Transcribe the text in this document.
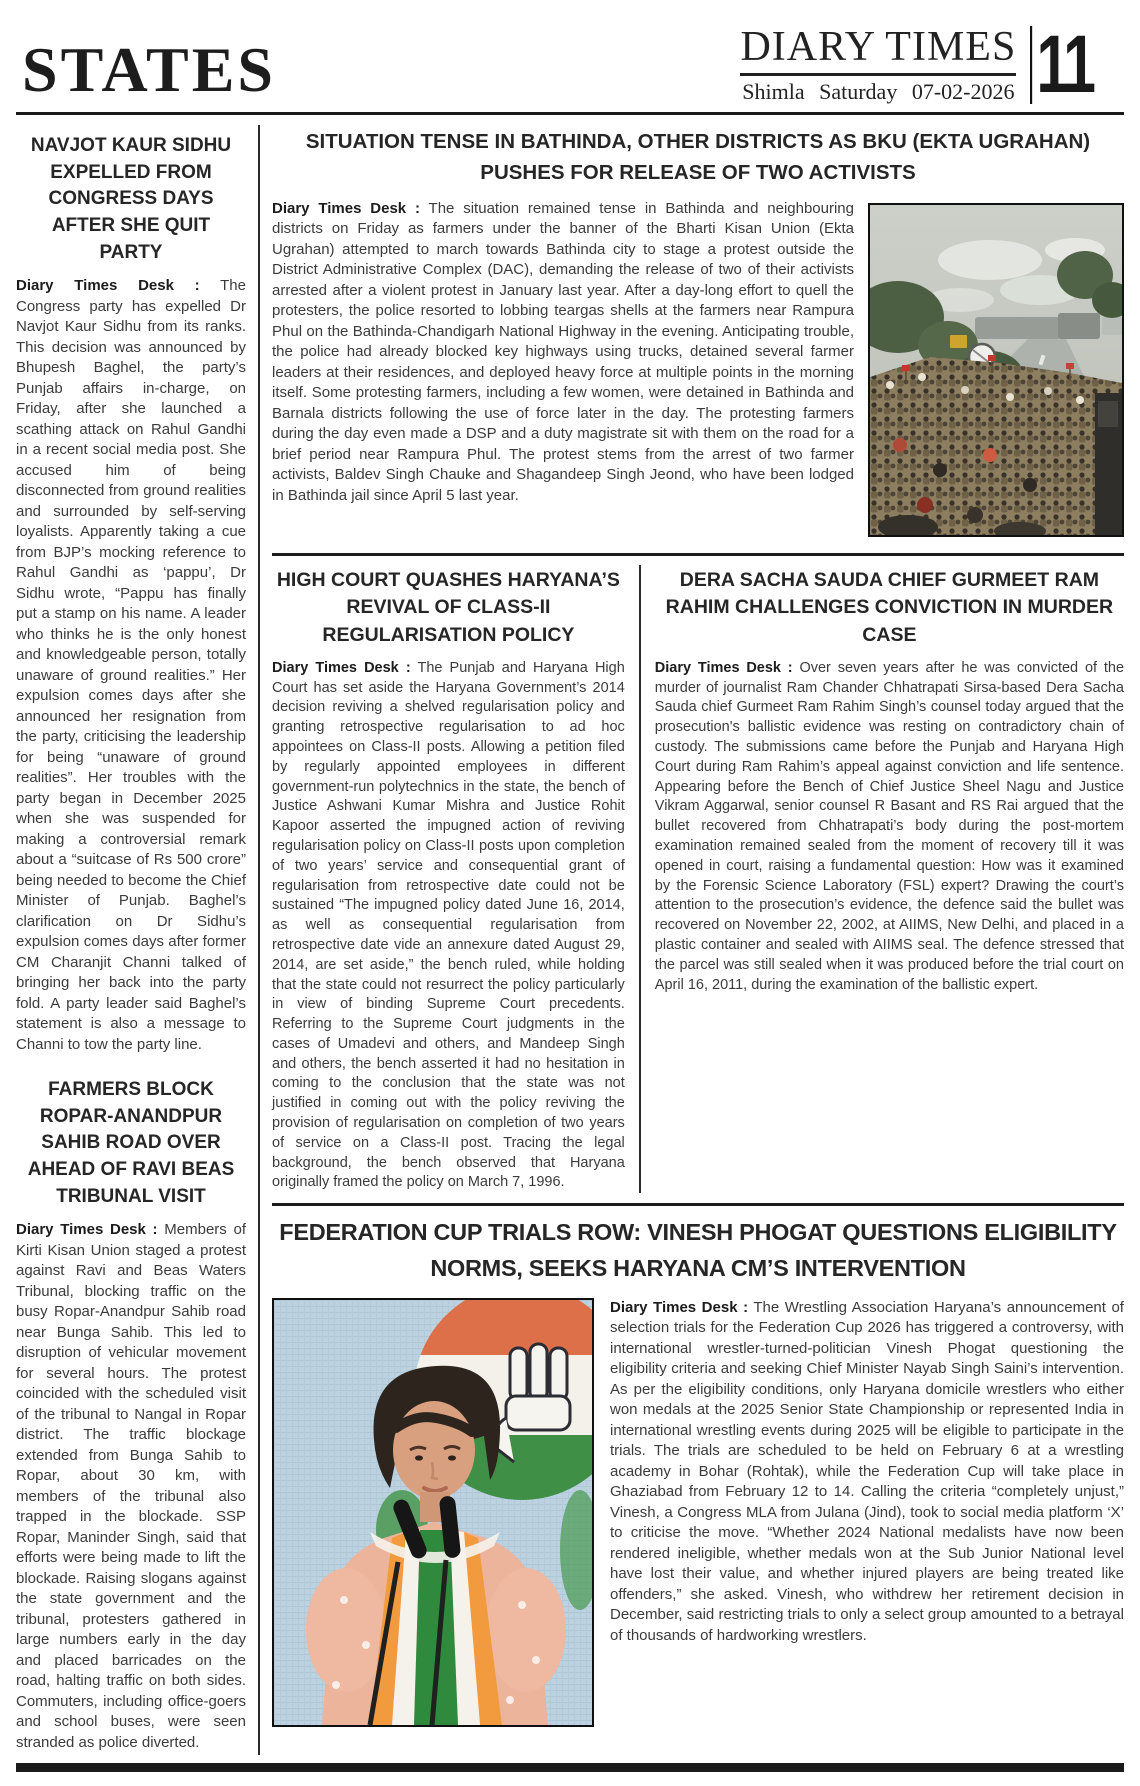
STATES	DIARY TIMES
Shimla Saturday 07-02-2026 11
NAVJOT KAUR SIDHU EXPELLED FROM CONGRESS DAYS AFTER SHE QUIT PARTY

Diary Times Desk : The Congress party has expelled Dr Navjot Kaur Sidhu from its ranks. This decision was announced by Bhupesh Baghel, the party’s Punjab affairs in-charge, on Friday, after she launched a scathing attack on Rahul Gandhi in a recent social media post. She accused him of being disconnected from ground realities and surrounded by self-serving loyalists. Apparently taking a cue from BJP’s mocking reference to Rahul Gandhi as ‘pappu’, Dr Sidhu wrote, “Pappu has finally put a stamp on his name. A leader who thinks he is the only honest and knowledgeable person, totally unaware of ground realities.” Her expulsion comes days after she announced her resignation from the party, criticising the leadership for being “unaware of ground realities”. Her troubles with the party began in December 2025 when she was suspended for making a controversial remark about a “suitcase of Rs 500 crore” being needed to become the Chief Minister of Punjab. Baghel’s clarification on Dr Sidhu’s expulsion comes days after former CM Charanjit Channi talked of bringing her back into the party fold. A party leader said Baghel’s statement is also a message to Channi to tow the party line.

FARMERS BLOCK ROPAR-ANANDPUR SAHIB ROAD OVER AHEAD OF RAVI BEAS TRIBUNAL VISIT

Diary Times Desk : Members of Kirti Kisan Union staged a protest against Ravi and Beas Waters Tribunal, blocking traffic on the busy Ropar-Anandpur Sahib road near Bunga Sahib. This led to disruption of vehicular movement for several hours. The protest coincided with the scheduled visit of the tribunal to Nangal in Ropar district. The traffic blockage extended from Bunga Sahib to Ropar, about 30 km, with members of the tribunal also trapped in the blockade. SSP Ropar, Maninder Singh, said that efforts were being made to lift the blockade. Raising slogans against the state government and the tribunal, protesters gathered in large numbers early in the day and placed barricades on the road, halting traffic on both sides. Commuters, including office-goers and school buses, were seen stranded as police diverted.

SITUATION TENSE IN BATHINDA, OTHER DISTRICTS AS BKU (EKTA UGRAHAN) PUSHES FOR RELEASE OF TWO ACTIVISTS

Diary Times Desk : The situation remained tense in Bathinda and neighbouring districts on Friday as farmers under the banner of the Bharti Kisan Union (Ekta Ugrahan) attempted to march towards Bathinda city to stage a protest outside the District Administrative Complex (DAC), demanding the release of two of their activists arrested after a violent protest in January last year. After a day-long effort to quell the protesters, the police resorted to lobbing teargas shells at the farmers near Rampura Phul on the Bathinda-Chandigarh National Highway in the evening. Anticipating trouble, the police had already blocked key highways using trucks, detained several farmer leaders at their residences, and deployed heavy force at multiple points in the morning itself. Some protesting farmers, including a few women, were detained in Bathinda and Barnala districts following the use of force later in the day. The protesting farmers during the day even made a DSP and a duty magistrate sit with them on the road for a brief period near Rampura Phul. The protest stems from the arrest of two farmer activists, Baldev Singh Chauke and Shagandeep Singh Jeond, who have been lodged in Bathinda jail since April 5 last year.

HIGH COURT QUASHES HARYANA’S REVIVAL OF CLASS-II REGULARISATION POLICY

Diary Times Desk : The Punjab and Haryana High Court has set aside the Haryana Government’s 2014 decision reviving a shelved regularisation policy and granting retrospective regularisation to ad hoc appointees on Class-II posts. Allowing a petition filed by regularly appointed employees in different government-run polytechnics in the state, the bench of Justice Ashwani Kumar Mishra and Justice Rohit Kapoor asserted the impugned action of reviving regularisation policy on Class-II posts upon completion of two years’ service and consequential grant of regularisation from retrospective date could not be sustained “The impugned policy dated June 16, 2014, as well as consequential regularisation from retrospective date vide an annexure dated August 29, 2014, are set aside,” the bench ruled, while holding that the state could not resurrect the policy particularly in view of binding Supreme Court precedents. Referring to the Supreme Court judgments in the cases of Umadevi and others, and Mandeep Singh and others, the bench asserted it had no hesitation in coming to the conclusion that the state was not justified in coming out with the policy reviving the provision of regularisation on completion of two years of service on a Class-II post. Tracing the legal background, the bench observed that Haryana originally framed the policy on March 7, 1996.

DERA SACHA SAUDA CHIEF GURMEET RAM RAHIM CHALLENGES CONVICTION IN MURDER CASE

Diary Times Desk : Over seven years after he was convicted of the murder of journalist Ram Chander Chhatrapati Sirsa-based Dera Sacha Sauda chief Gurmeet Ram Rahim Singh’s counsel today argued that the prosecution's ballistic evidence was resting on contradictory chain of custody. The submissions came before the Punjab and Haryana High Court during Ram Rahim’s appeal against conviction and life sentence. Appearing before the Bench of Chief Justice Sheel Nagu and Justice Vikram Aggarwal, senior counsel R Basant and RS Rai argued that the bullet recovered from Chhatrapati’s body during the post-mortem examination remained sealed from the moment of recovery till it was opened in court, raising a fundamental question: How was it examined by the Forensic Science Laboratory (FSL) expert? Drawing the court’s attention to the prosecution’s evidence, the defence said the bullet was recovered on November 22, 2002, at AIIMS, New Delhi, and placed in a plastic container and sealed with AIIMS seal. The defence stressed that the parcel was still sealed when it was produced before the trial court on April 16, 2011, during the examination of the ballistic expert.

FEDERATION CUP TRIALS ROW: VINESH PHOGAT QUESTIONS ELIGIBILITY NORMS, SEEKS HARYANA CM’S INTERVENTION

Diary Times Desk : The Wrestling Association Haryana’s announcement of selection trials for the Federation Cup 2026 has triggered a controversy, with international wrestler-turned-politician Vinesh Phogat questioning the eligibility criteria and seeking Chief Minister Nayab Singh Saini’s intervention. As per the eligibility conditions, only Haryana domicile wrestlers who either won medals at the 2025 Senior State Championship or represented India in international wrestling events during 2025 will be eligible to participate in the trials. The trials are scheduled to be held on February 6 at a wrestling academy in Bohar (Rohtak), while the Federation Cup will take place in Ghaziabad from February 12 to 14. Calling the criteria “completely unjust,” Vinesh, a Congress MLA from Julana (Jind), took to social media platform ‘X’ to criticise the move. “Whether 2024 National medalists have now been rendered ineligible, whether medals won at the Sub Junior National level have lost their value, and whether injured players are being treated like offenders,” she asked. Vinesh, who withdrew her retirement decision in December, said restricting trials to only a select group amounted to a betrayal of thousands of hardworking wrestlers.
